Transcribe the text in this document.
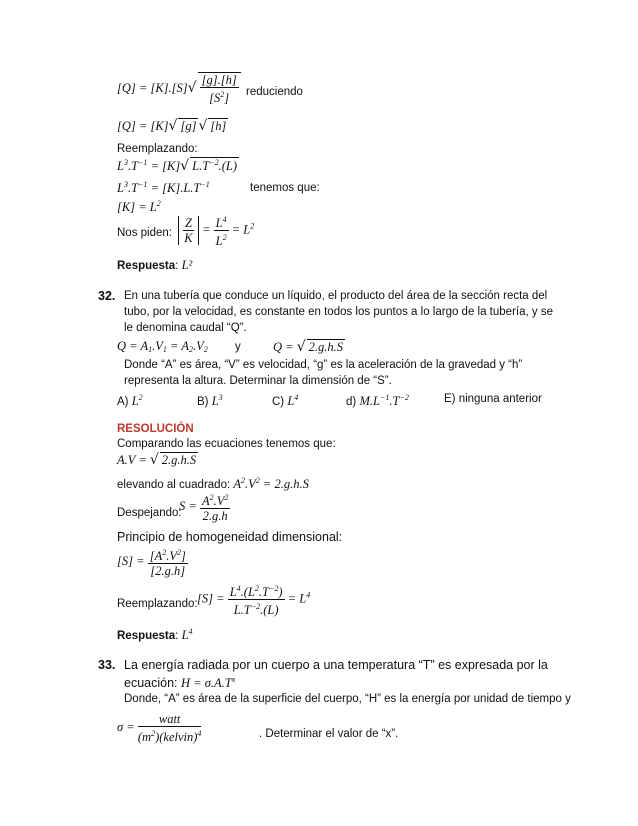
$[Q] = [K].[S]√ \frac{[g].[h]}{[S^2]}$ reduciendo
[Q] = [K]√ [g] √ [h]
Reemplazando:
$L^3.T^{-1} = [K]√$ $L.T^{-2}.(L)$
$L^3.T^{-1} = [K].L.T^{-1}$	tenemos que:
$[K] = L^2$
Nos piden: $\frac{Z}{K} = \frac{L^4}{L^2} = L^2$
Respuesta: L²
32. En una tubería que conduce un líquido, el producto del área de la sección recta del tubo, por la velocidad, es constante en todos los puntos a lo largo de la tubería, y se le denomina caudal “Q”.
$Q = A_1.V_1 = A_2.V_2$ y	Q = √ 2.g.h.S
Donde “A” es área, “V” es velocidad, “g” es la aceleración de la gravedad y “h” representa la altura. Determinar la dimensión de “S”.
A) $L^2$	B) $L^3$	C) $L^4$	d) $M.L^{-1}.T^{-2}$	E) ninguna anterior
RESOLUCIÓN
Comparando las ecuaciones tenemos que:
A.V = √ 2.g.h.S
elevando al cuadrado: $A^2.V^2 = 2.g.h.S$
Despejando:
$S = \frac{A^2.V^2}{2.g.h}$
Principio de homogeneidad dimensional:
$[S] = \frac{[A^2.V^2]}{[2.g.h]}$
Reemplazando: $[S] = \frac{L^4.(L^2.T^{-2})}{L.T^{-2}.(L)} = L^4$
Respuesta: $L^4$
33. La energía radiada por un cuerpo a una temperatura “T” es expresada por la
ecuación: $H = \sigma.A.T^x$
Donde, “A” es área de la superficie del cuerpo, “H” es la energía por unidad de tiempo y
$\sigma = \frac{\text{watt}}{(m^2)(kelvin)^4}$	. Determinar el valor de “x”.
